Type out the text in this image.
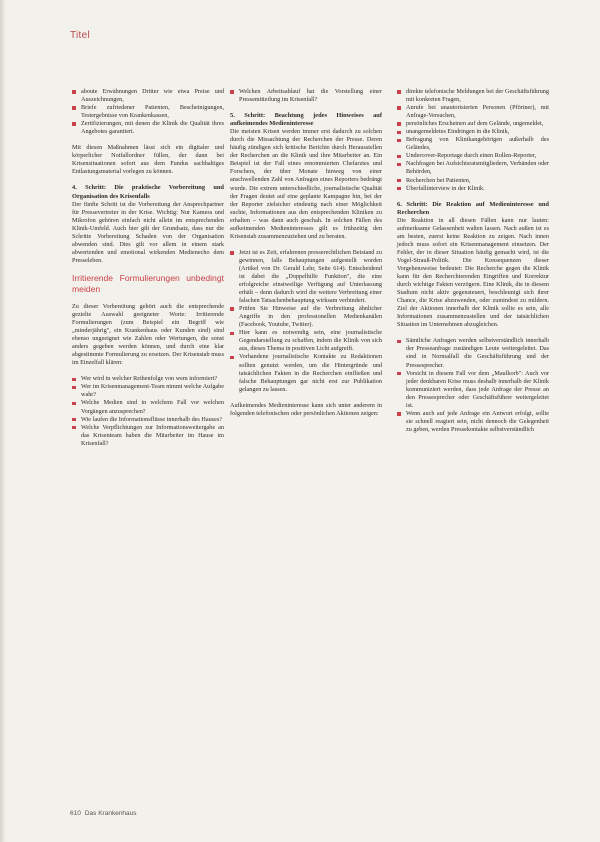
Titel
aboute Erwähnungen Dritter wie etwa Preise und Auszeichnungen,
Briefe zufriedener Patienten, Bescheinigungen, Testergebnisse von Krankenkassen,
Zertifizierungen, mit denen die Klinik die Qualität ihres Angebotes garantiert.

Mit diesen Maßnahmen lässt sich ein digitaler und körperlicher Notfallordner füllen, der dann bei Krisensituationen sofort aus dem Fundus sachhaltiges Entlastungsmaterial vorlegen zu können.

4. Schritt: Die praktische Vorbereitung und Organisation des Krisenfalls

Der fünfte Schritt ist die Vorbereitung der Ansprechpartner für Pressevertreter in der Krise. Wichtig: Nur Kamera und Mikrofon gehören einfach nicht allein im entsprechenden Klinik-Umfeld. Auch hier gilt der Grundsatz, dass nur die Schritte Vorbereitung Schaden von der Organisation abwenden sind. Dies gilt vor allem in einem stark abwertenden und emotional wirkenden Medienecho dem Presseleben.

Irritierende Formulierungen unbedingt meiden

Zu dieser Vorbereitung gehört auch die entsprechende gezielte Auswahl geeigneter Worte: Irritierende Formulierungen (zum Beispiel ein Begriff wie „minderjährig", ein Krankenhaus oder Kunden sind) sind ebenso ungeeignet wie Zahlen oder Wertungen, die sonst anders gegeben werden können, und durch eine klar abgestimmte Formulierung zu ersetzen. Der Krisenstab muss im Einzelfall klären:

Wer wird in welcher Reihenfolge von wem informiert?
Wer im Krisenmanagement-Team nimmt welche Aufgabe wahr?
Welche Medien sind in welchem Fall vor welchen Vorgängen anzusprechen?
Wie laufen die Informationsflüsse innerhalb des Hauses?
Welche Verpflichtungen zur Informationsweitergabe an das Krisenteam haben die Mitarbeiter im Hause im Krisenfall?
Welchen Arbeitsablauf hat die Vorstellung einer Pressemitteilung im Krisenfall?
5. Schritt: Beachtung jedes Hinweises auf aufkeimendes Medieninteresse

Die meisten Krisen werden immer erst dadurch zu solchen durch die Missachtung der Recherchen der Presse. Deren häufig zündigen sich kritische Berichte durch Herausstellen der Recherchen an die Klinik und ihre Mitarbeiter an. Ein Beispiel ist der Fall eines renommierten Chefarztes und Forschers, der über Monate hinweg von einer anschwellenden Zahl von Anfragen eines Reporters bedrängt wurde. Die extrem unterschiedliche, journalistische Qualität der Fragen deutet auf eine geplante Kampagne hin, bei der der Reporter zielsicher eindeutig nach einer Möglichkeit suchte, Informationen aus den entsprechenden Kliniken zu erhalten – was dann auch geschah. In solchen Fällen des aufkeimenden Medieninteresses gilt es frühzeitig den Krisenstab zusammenzuziehen und zu beraten.

Jetzt ist es Zeit, erfahrenen presserechtlichen Beistand zu gewinnen, falls Behauptungen aufgestellt worden (Artikel von Dr. Gerald Lehr, Seite 614). Entscheidend ist dabei die „Doppelhilfe Funktion", die eine erfolgreiche einstweilige Verfügung auf Unterlassung erhält – denn dadurch wird die weitere Verbreitung einer falschen Tatsachenbehauptung wirksam verhindert.
Prüfen Sie Hinweise auf die Verbreitung ähnlicher Angriffe in den professionellen Medienkanälen (Facebook, Youtube, Twitter).
Hier kann es notwendig sein, eine journalistische Gegendarstellung zu schaffen, indem die Klinik von sich aus, dieses Thema in positiven Licht aufgreift.
Vorhandene journalistische Kontakte zu Redaktionen sollten genutzt werden, um die Hintergründe und tatsächlichen Fakten in die Recherchen einfließen und falsche Behauptungen gar nicht erst zur Publikation gelangen zu lassen.

Aufkeimendes Medieninteresse kann sich unter anderem in folgenden telefonischen oder persönlichen Aktionen zeigen:

direkte telefonische Meldungen bei der Geschäftsführung mit konkreten Fragen,
Anrufe bei unautorisierten Personen (Pförtner), mit Anfrage-Versuchen,
persönliches Erscheinen auf dem Gelände, ungemeldet,
unangemeldetes Eindringen in die Klinik,
Befragung von Klinikangehörigen außerhalb des Geländes,
Undercover-Reportage durch einen Rollen-Reporter,
Nachfragen bei Aufsichtsratsmitgliedern, Verbänden oder Behörden,
Recherchen bei Patienten,
Überfallinterview in der Klinik.
6. Schritt: Die Reaktion auf Medieninteresse und Recherchen

Die Reaktion in all diesen Fällen kann nur lauten: aufmerksame Gelassenheit walten lassen. Nach außen ist es am besten, zuerst keine Reaktion zu zeigen. Nach innen jedoch muss sofort ein Krisenmanagement einsetzen. Der Fehler, der in dieser Situation häufig gemacht wird, ist die Vogel-Strauß-Politik. Die Konsequenzen dieser Vorgehensweise bedeutet: Die Recherche gegen die Klinik kann für den Recherchierenden Eingriffen und Korrektur durch wichtige Fakten verzögern. Eine Klinik, die in diesem Stadium nicht aktiv gegensteuert, beschleunigt sich ihrer Chance, die Krise abzuwenden, oder zumindest zu mildern. Ziel der Aktionen innerhalb der Klinik sollte es sein, alle Informationen zusammenzustellen und der tatsächlichen Situation im Unternehmen abzugleichen.

Sämtliche Anfragen werden selbstverständlich innerhalb der Presseanfrage zuständigen Leute weitergeleitet. Das sind in Normalfall die Geschäftsführung und der Pressesprecher.
Vorsicht in diesem Fall vor dem „Maulkorb": Auch vor jeder denkbaren Krise muss deshalb innerhalb der Klinik kommuniziert werden, dass jede Anfrage der Presse an den Pressesprecher oder Geschäftsführer weitergeleitet ist.
Wenn auch auf jede Anfrage ein Antwort erfolgt, sollte sie schnell reagiert sein, nicht dennoch die Gelegenheit zu geben, werden Pressekontakte selbstverständlich
610 Das Krankenhaus
